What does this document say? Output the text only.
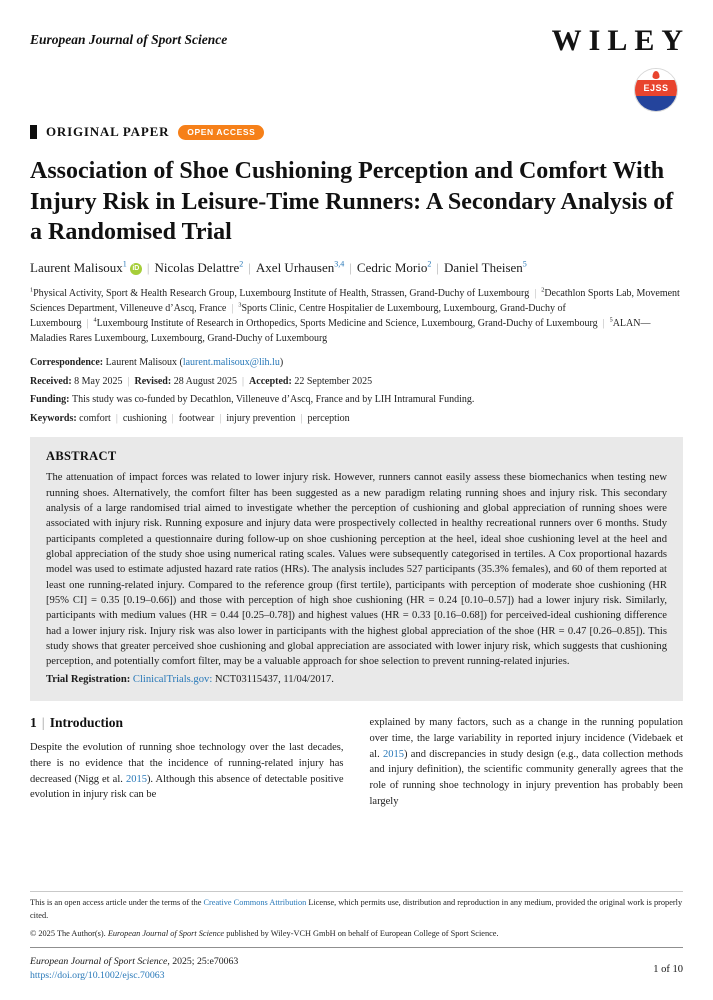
European Journal of Sport Science	WILEY
EJSS
ORIGINAL PAPER	OPEN ACCESS
Association of Shoe Cushioning Perception and Comfort With Injury Risk in Leisure-Time Runners: A Secondary Analysis of a Randomised Trial
Laurent Malisoux$^1$ iD | Nicolas Delattre$^2$ | Axel Urhausen$^{3,4}$ | Cedric Morio$^2$ | Daniel Theisen$^5$
$^1$Physical Activity, Sport & Health Research Group, Luxembourg Institute of Health, Strassen, Grand-Duchy of Luxembourg | $^2$Decathlon Sports Lab, Movement Sciences Department, Villeneuve d’Ascq, France | $^3$Sports Clinic, Centre Hospitalier de Luxembourg, Luxembourg, Grand-Duchy of Luxembourg | $^4$Luxembourg Institute of Research in Orthopedics, Sports Medicine and Science, Luxembourg, Grand-Duchy of Luxembourg | $^5$ALAN—Maladies Rares Luxembourg, Luxembourg, Grand-Duchy of Luxembourg
Correspondence: Laurent Malisoux (laurent.malisoux@lih.lu)
Received: 8 May 2025 | Revised: 28 August 2025 | Accepted: 22 September 2025
Funding: This study was co-funded by Decathlon, Villeneuve d’Ascq, France and by LIH Intramural Funding.
Keywords: comfort | cushioning | footwear | injury prevention | perception
ABSTRACT

The attenuation of impact forces was related to lower injury risk. However, runners cannot easily assess these biomechanics when testing new running shoes. Alternatively, the comfort filter has been suggested as a new paradigm relating running shoes and injury risk. This secondary analysis of a large randomised trial aimed to investigate whether the perception of cushioning and global appreciation of running shoes were associated with injury risk. Running exposure and injury data were prospectively collected in healthy recreational runners over 6 months. Study participants completed a questionnaire during follow-up on shoe cushioning perception at the heel, ideal shoe cushioning level at the heel and global appreciation of the study shoe using numerical rating scales. Values were subsequently categorised in tertiles. A Cox proportional hazards model was used to estimate adjusted hazard rate ratios (HRs). The analysis includes 527 participants (35.3% females), and 60 of them reported at least one running-related injury. Compared to the reference group (first tertile), participants with perception of moderate shoe cushioning (HR [95% CI] = 0.35 [0.19–0.66]) and those with perception of high shoe cushioning (HR = 0.24 [0.10–0.57]) had a lower injury risk. Similarly, participants with medium values (HR = 0.44 [0.25–0.78]) and highest values (HR = 0.33 [0.16–0.68]) for perceived-ideal cushioning difference had a lower injury risk. Injury risk was also lower in participants with the highest global appreciation of the shoe (HR = 0.47 [0.26–0.85]). This study shows that greater perceived shoe cushioning and global appreciation are associated with lower injury risk, which suggests that cushioning perception, and potentially comfort filter, may be a valuable approach for shoe selection to prevent running-related injuries.

Trial Registration: ClinicalTrials.gov: NCT03115437, 11/04/2017.

1 | Introduction

Despite the evolution of running shoe technology over the last decades, there is no evidence that the incidence of running-related injury has decreased (Nigg et al. 2015). Although this absence of detectable positive evolution in injury risk can be

explained by many factors, such as a change in the running population over time, the large variability in reported injury incidence (Videbaek et al. 2015) and discrepancies in study design (e.g., data collection methods and injury definition), the scientific community generally agrees that the role of running shoe technology in injury prevention has probably been largely

This is an open access article under the terms of the Creative Commons Attribution License, which permits use, distribution and reproduction in any medium, provided the original work is properly cited.

© 2025 The Author(s). European Journal of Sport Science published by Wiley-VCH GmbH on behalf of European College of Sport Science.

European Journal of Sport Science, 2025; 25:e70063
https://doi.org/10.1002/ejsc.70063
1 of 10
